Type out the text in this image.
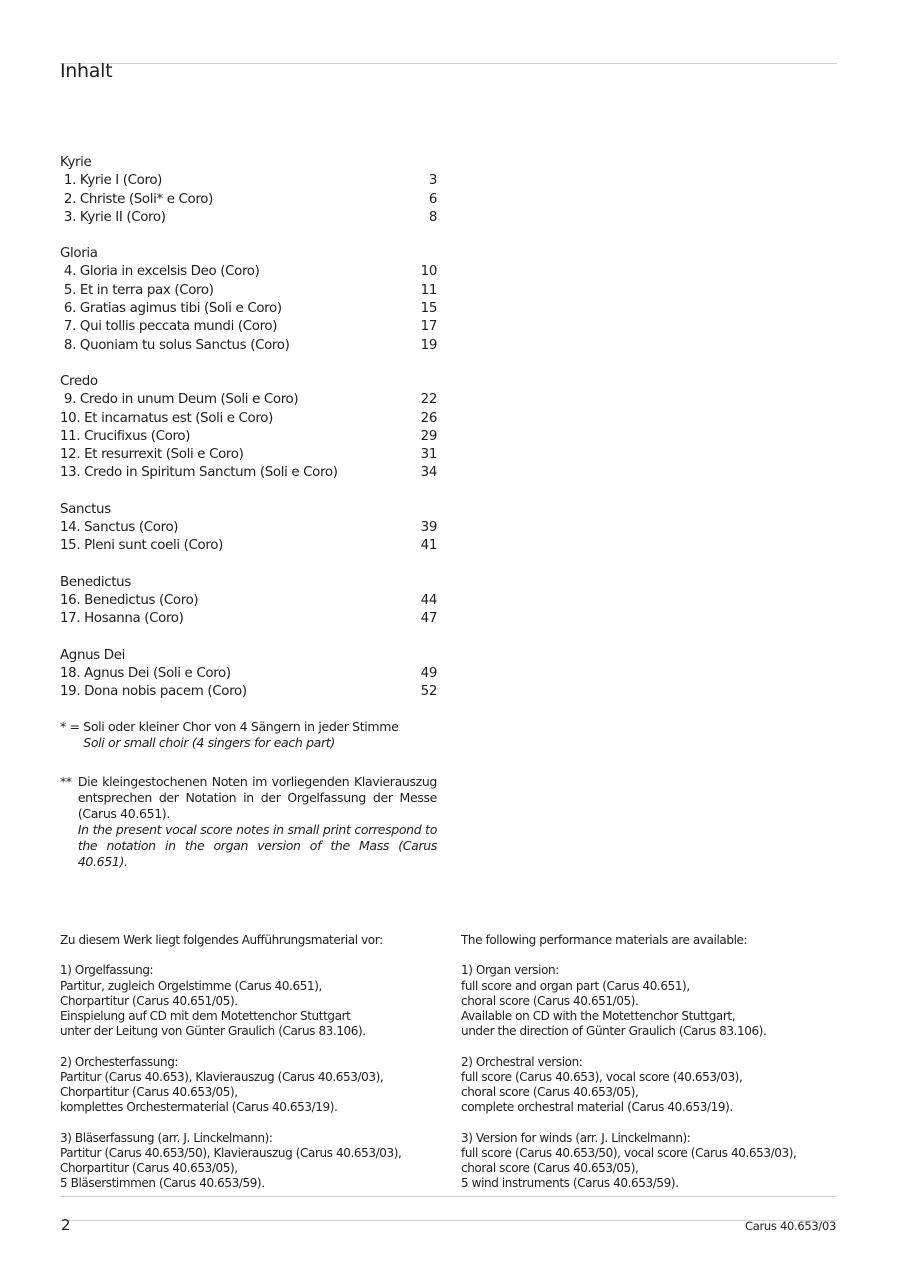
Inhalt
Kyrie
1. Kyrie I (Coro)	3
2. Christe (Soli* e Coro)	6
3. Kyrie II (Coro)	8
Gloria
4. Gloria in excelsis Deo (Coro)	10
5. Et in terra pax (Coro)	11
6. Gratias agimus tibi (Soli e Coro)	15
7. Qui tollis peccata mundi (Coro)	17
8. Quoniam tu solus Sanctus (Coro)	19
Credo
9. Credo in unum Deum (Soli e Coro)	22
10. Et incarnatus est (Soli e Coro)	26
11. Crucifixus (Coro)	29
12. Et resurrexit (Soli e Coro)	31
13. Credo in Spiritum Sanctum (Soli e Coro)	34
Sanctus
14. Sanctus (Coro)	39
15. Pleni sunt coeli (Coro)	41
Benedictus
16. Benedictus (Coro)	44
17. Hosanna (Coro)	47
Agnus Dei
18. Agnus Dei (Soli e Coro)	49
19. Dona nobis pacem (Coro)	52
* = Soli oder kleiner Chor von 4 Sängern in jeder Stimme
Soli or small choir (4 singers for each part)
** Die kleingestochenen Noten im vorliegenden Klavierauszug entsprechen der Notation in der Orgelfassung der Messe (Carus 40.651).
In the present vocal score notes in small print correspond to the notation in the organ version of the Mass (Carus 40.651).
Zu diesem Werk liegt folgendes Aufführungsmaterial vor:
1) Orgelfassung:
Partitur, zugleich Orgelstimme (Carus 40.651),
Chorpartitur (Carus 40.651/05).
Einspielung auf CD mit dem Motettenchor Stuttgart
unter der Leitung von Günter Graulich (Carus 83.106).
2) Orchesterfassung:
Partitur (Carus 40.653), Klavierauszug (Carus 40.653/03),
Chorpartitur (Carus 40.653/05),
komplettes Orchestermaterial (Carus 40.653/19).
3) Bläserfassung (arr. J. Linckelmann):
Partitur (Carus 40.653/50), Klavierauszug (Carus 40.653/03),
Chorpartitur (Carus 40.653/05),
5 Bläserstimmen (Carus 40.653/59).
The following performance materials are available:
1) Organ version:
full score and organ part (Carus 40.651),
choral score (Carus 40.651/05).
Available on CD with the Motettenchor Stuttgart,
under the direction of Günter Graulich (Carus 83.106).
2) Orchestral version:
full score (Carus 40.653), vocal score (40.653/03),
choral score (Carus 40.653/05),
complete orchestral material (Carus 40.653/19).
3) Version for winds (arr. J. Linckelmann):
full score (Carus 40.653/50), vocal score (Carus 40.653/03),
choral score (Carus 40.653/05),
5 wind instruments (Carus 40.653/59).
2	Carus 40.653/03
